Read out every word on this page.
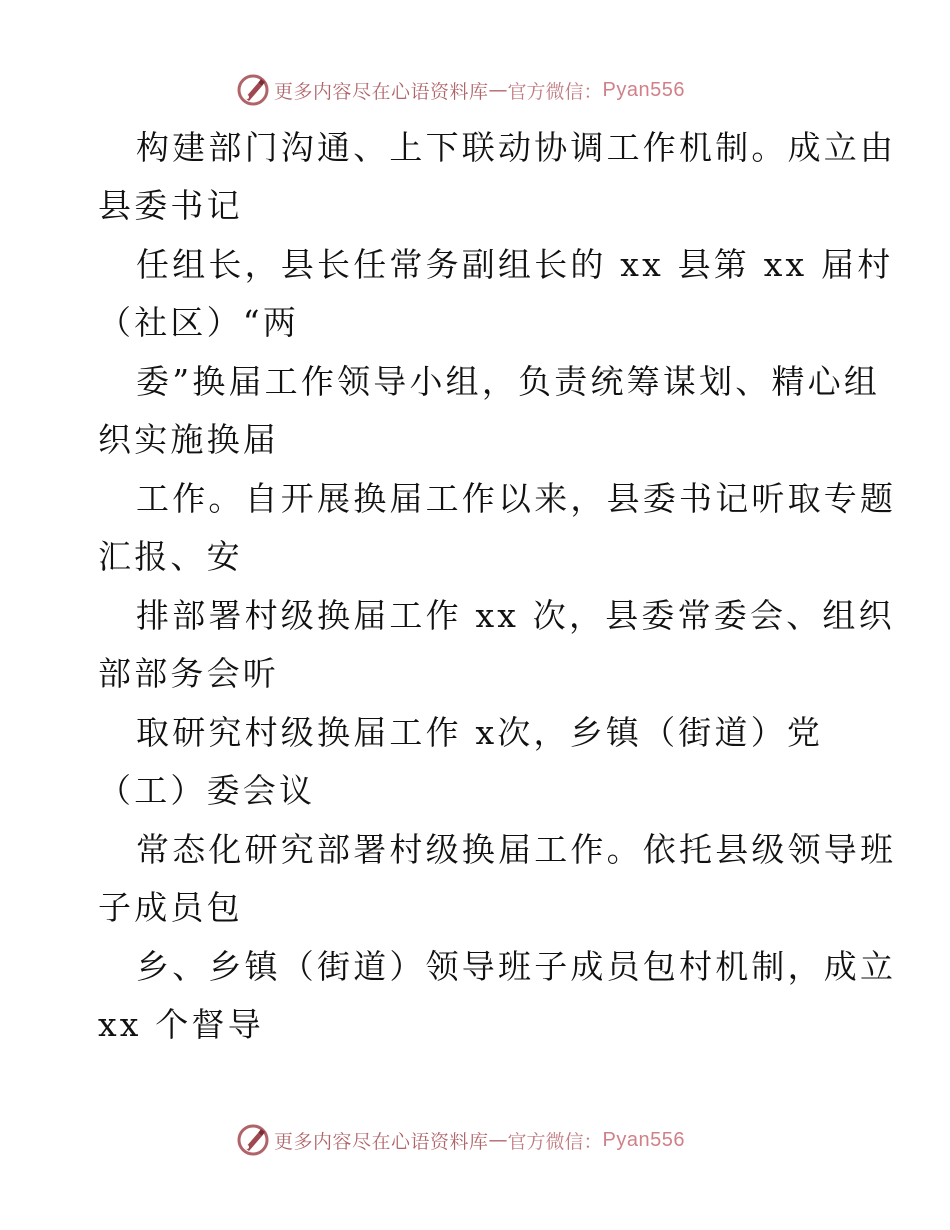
更多内容尽在心语资料库 — 官方微信： Pyan556
构建部门沟通、上下联动协调工作机制。成立由
县委书记
任组长，县长任常务副组长的 xx 县第 xx 届村
（社区）“两
委”换届工作领导小组，负责统筹谋划、精心组
织实施换届
工作。自开展换届工作以来，县委书记听取专题
汇报、安
排部署村级换届工作 xx 次，县委常委会、组织
部部务会听
取研究村级换届工作 x次，乡镇（街道）党
（工）委会议
常态化研究部署村级换届工作。依托县级领导班
子成员包
乡、乡镇（街道）领导班子成员包村机制，成立
xx 个督导
更多内容尽在心语资料库 — 官方微信： Pyan556
